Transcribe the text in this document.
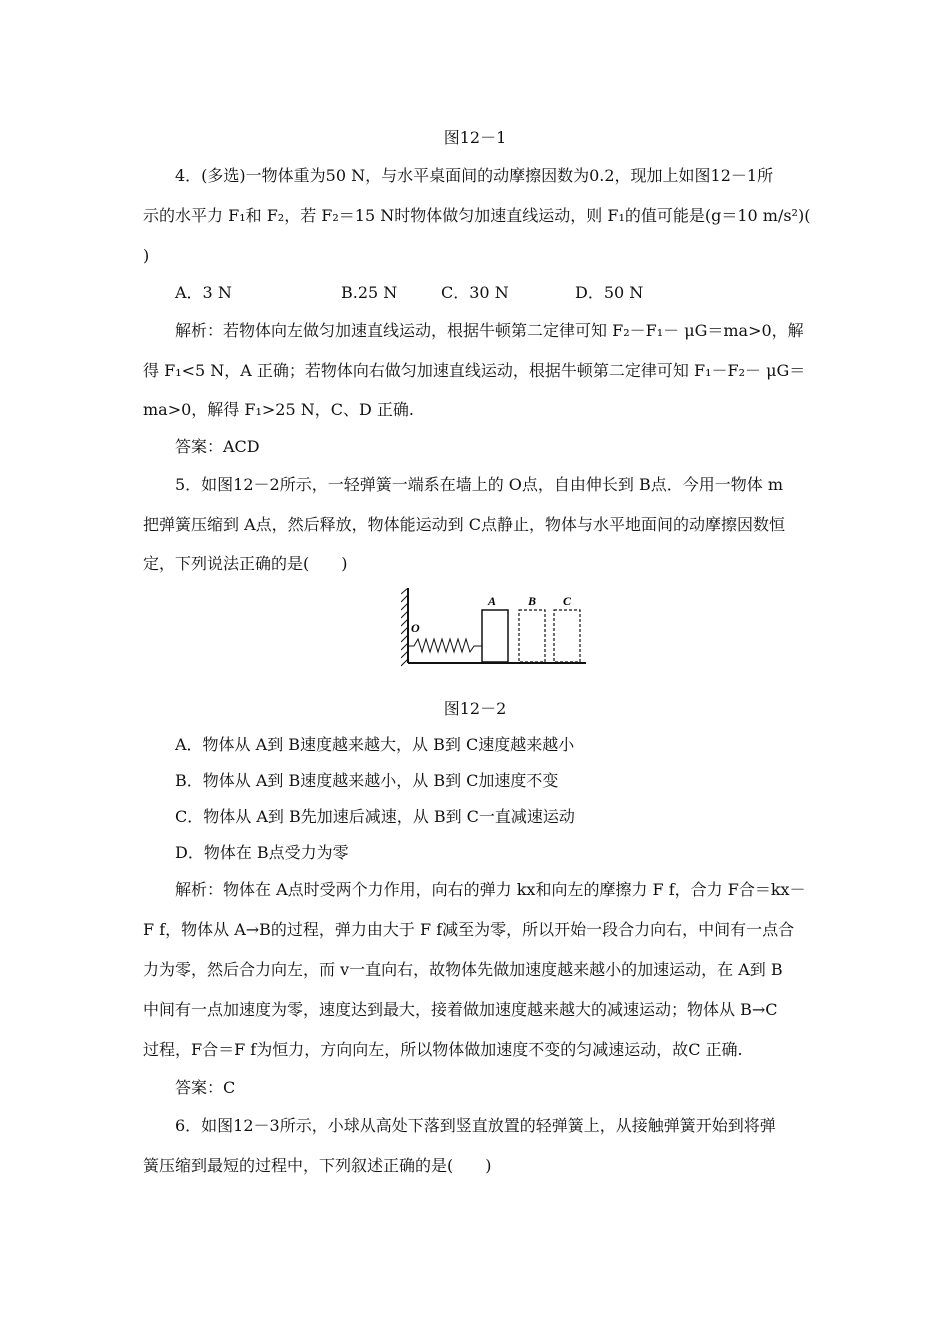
图12－1
4．(多选)一物体重为50 N，与水平桌面间的动摩擦因数为0.2，现加上如图12－1所
示的水平力 F₁和 F₂，若 F₂＝15 N时物体做匀加速直线运动，则 F₁的值可能是(g＝10 m/s²)(
)
A．3 N	B.25 N	C．30 N	D．50 N
解析：若物体向左做匀加速直线运动，根据牛顿第二定律可知 F₂－F₁－ μG＝ma>0，解
得 F₁<5 N，A 正确；若物体向右做匀加速直线运动，根据牛顿第二定律可知 F₁－F₂－ μG＝
ma>0，解得 F₁>25 N，C、D 正确.
答案：ACD
5．如图12－2所示，一轻弹簧一端系在墙上的 O点，自由伸长到 B点．今用一物体 m
把弹簧压缩到 A点，然后释放，物体能运动到 C点静止，物体与水平地面间的动摩擦因数恒
定，下列说法正确的是(　　)
O
A	B C
图12－2
A．物体从 A到 B速度越来越大，从 B到 C速度越来越小
B．物体从 A到 B速度越来越小，从 B到 C加速度不变
C．物体从 A到 B先加速后减速，从 B到 C一直减速运动
D．物体在 B点受力为零
解析：物体在 A点时受两个力作用，向右的弹力 kx和向左的摩擦力 F f，合力 F合＝kx－
F f，物体从 A→B的过程，弹力由大于 F f减至为零，所以开始一段合力向右，中间有一点合
力为零，然后合力向左，而 v一直向右，故物体先做加速度越来越小的加速运动，在 A到 B
中间有一点加速度为零，速度达到最大，接着做加速度越来越大的减速运动；物体从 B→C
过程，F合＝F f为恒力，方向向左，所以物体做加速度不变的匀减速运动，故C 正确.
答案：C
6．如图12－3所示，小球从高处下落到竖直放置的轻弹簧上，从接触弹簧开始到将弹
簧压缩到最短的过程中，下列叙述正确的是(　　)
